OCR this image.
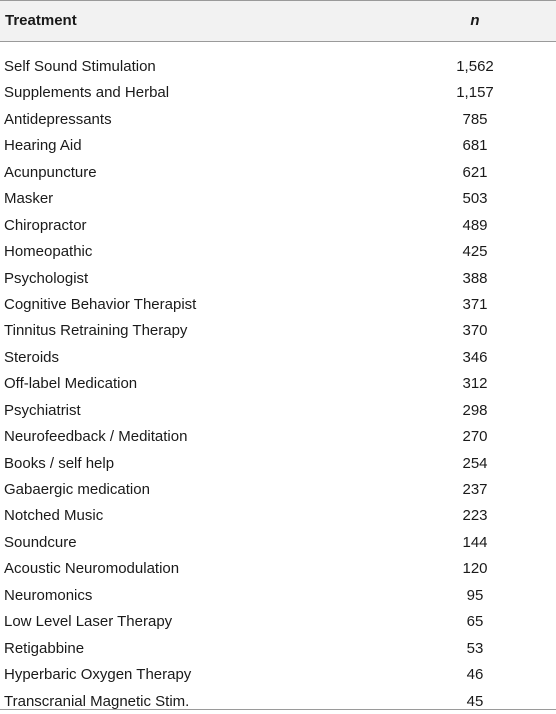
Treatment	n
Self Sound Stimulation	1,562
Supplements and Herbal	1,157
Antidepressants	785
Hearing Aid	681
Acunpuncture	621
Masker	503
Chiropractor	489
Homeopathic	425
Psychologist	388
Cognitive Behavior Therapist	371
Tinnitus Retraining Therapy	370
Steroids	346
Off-label Medication	312
Psychiatrist	298
Neurofeedback / Meditation	270
Books / self help	254
Gabaergic medication	237
Notched Music	223
Soundcure	144
Acoustic Neuromodulation	120
Neuromonics	95
Low Level Laser Therapy	65
Retigabbine	53
Hyperbaric Oxygen Therapy	46
Transcranial Magnetic Stim.	45
